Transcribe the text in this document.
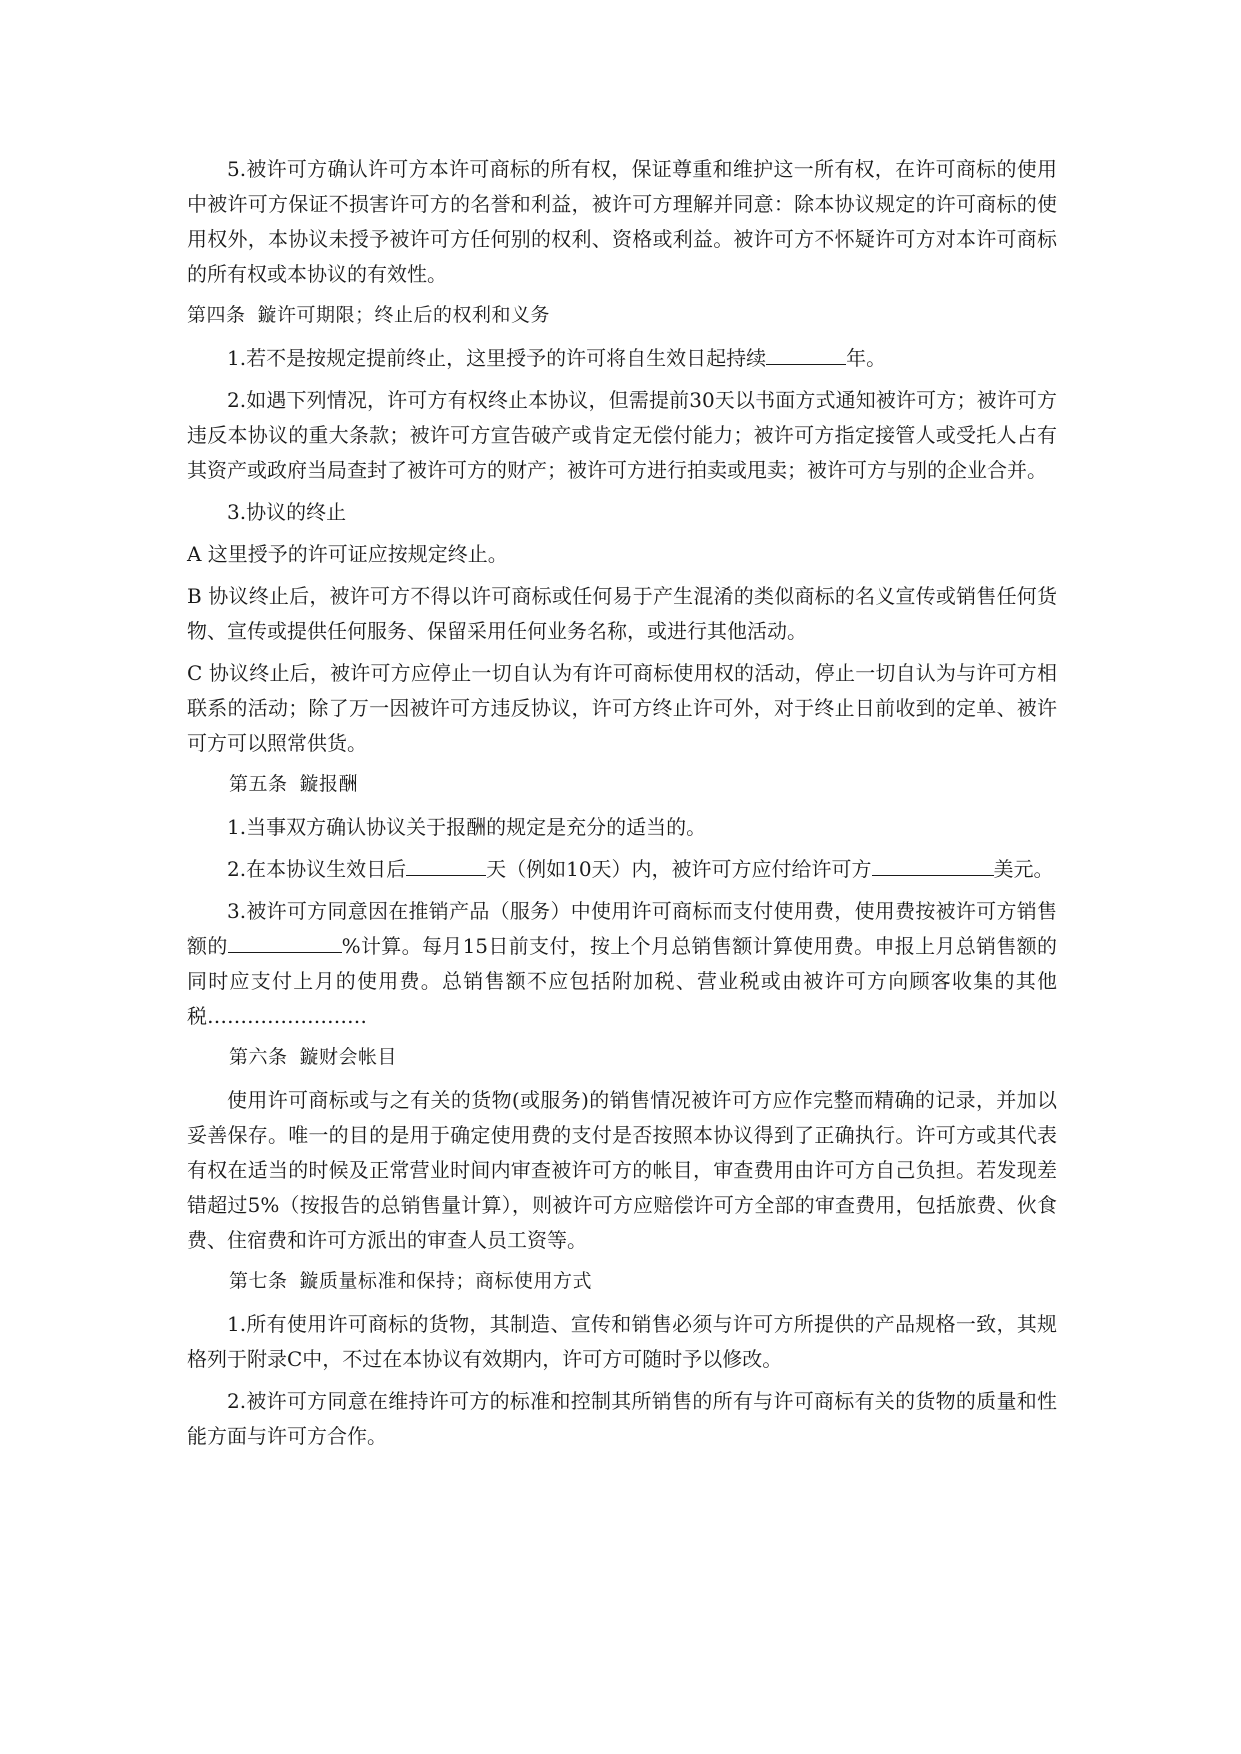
5.被许可方确认许可方本许可商标的所有权，保证尊重和维护这一所有权，在许可商标的使用中被许可方保证不损害许可方的名誉和利益，被许可方理解并同意：除本协议规定的许可商标的使用权外，本协议未授予被许可方任何别的权利、资格或利益。被许可方不怀疑许可方对本许可商标的所有权或本协议的有效性。

第四条 鏇许可期限；终止后的权利和义务

1.若不是按规定提前终止，这里授予的许可将自生效日起持续	年。

2.如遇下列情况，许可方有权终止本协议，但需提前30天以书面方式通知被许可方；被许可方违反本协议的重大条款；被许可方宣告破产或肯定无偿付能力；被许可方指定接管人或受托人占有其资产或政府当局查封了被许可方的财产；被许可方进行拍卖或甩卖；被许可方与别的企业合并。

3.协议的终止

A 这里授予的许可证应按规定终止。

B 协议终止后，被许可方不得以许可商标或任何易于产生混淆的类似商标的名义宣传或销售任何货物、宣传或提供任何服务、保留采用任何业务名称，或进行其他活动。

C 协议终止后，被许可方应停止一切自认为有许可商标使用权的活动，停止一切自认为与许可方相联系的活动；除了万一因被许可方违反协议，许可方终止许可外，对于终止日前收到的定单、被许可方可以照常供货。

第五条 鏇报酬

1.当事双方确认协议关于报酬的规定是充分的适当的。

2.在本协议生效日后	天（例如10天）内，被许可方应付给许可方	美元。

3.被许可方同意因在推销产品（服务）中使用许可商标而支付使用费，使用费按被许可方销售额的	%计算。每月15日前支付，按上个月总销售额计算使用费。申报上月总销售额的同时应支付上月的使用费。总销售额不应包括附加税、营业税或由被许可方向顾客收集的其他税……………………

第六条 鏇财会帐目

使用许可商标或与之有关的货物(或服务)的销售情况被许可方应作完整而精确的记录，并加以妥善保存。唯一的目的是用于确定使用费的支付是否按照本协议得到了正确执行。许可方或其代表有权在适当的时候及正常营业时间内审查被许可方的帐目，审查费用由许可方自己负担。若发现差错超过5%（按报告的总销售量计算），则被许可方应赔偿许可方全部的审查费用，包括旅费、伙食费、住宿费和许可方派出的审查人员工资等。

第七条 鏇质量标准和保持；商标使用方式

1.所有使用许可商标的货物，其制造、宣传和销售必须与许可方所提供的产品规格一致，其规格列于附录C中，不过在本协议有效期内，许可方可随时予以修改。

2.被许可方同意在维持许可方的标准和控制其所销售的所有与许可商标有关的货物的质量和性能方面与许可方合作。
